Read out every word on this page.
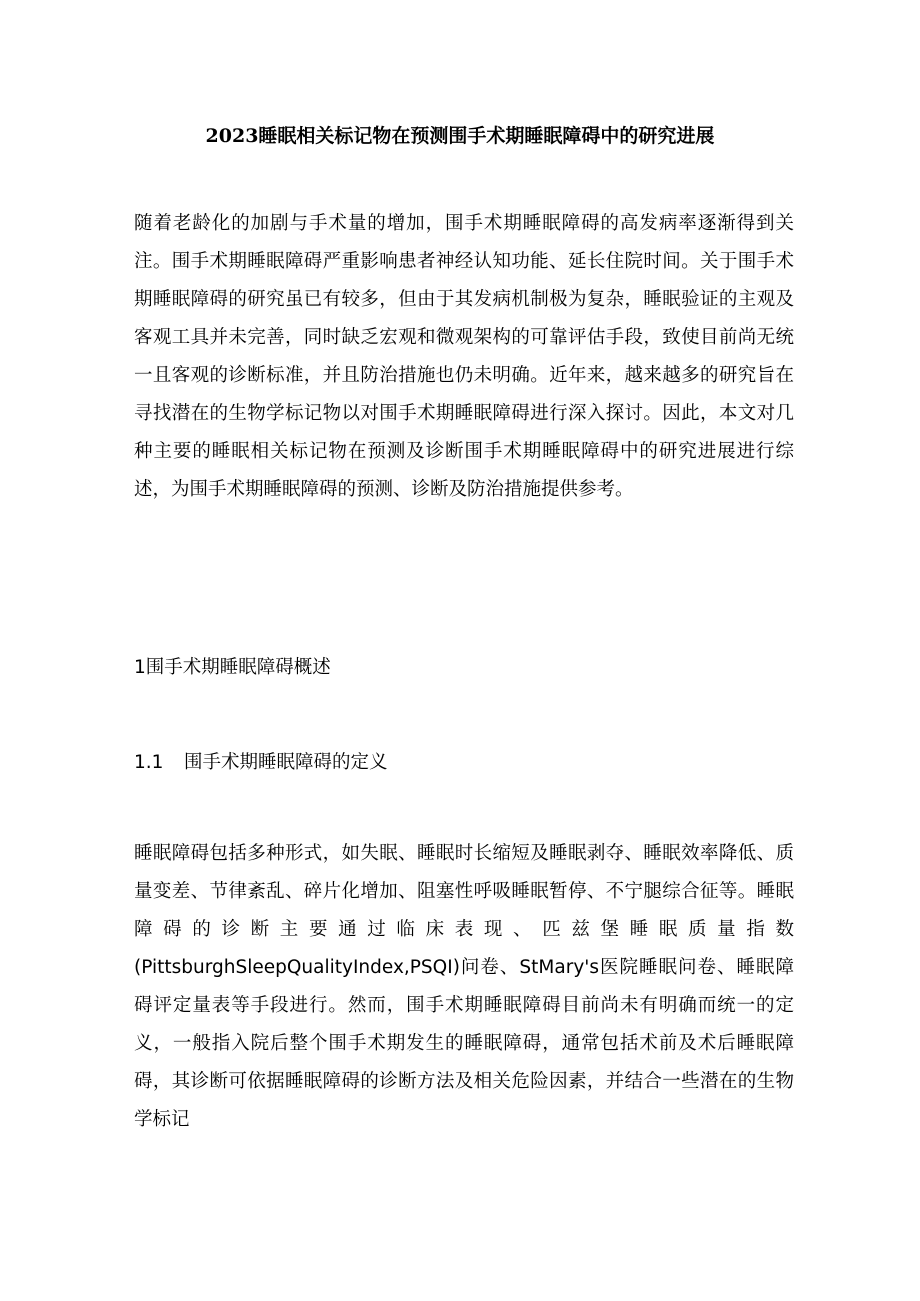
2023睡眠相关标记物在预测围手术期睡眠障碍中的研究进展

随着老龄化的加剧与手术量的增加，围手术期睡眠障碍的高发病率逐渐得到关注。围手术期睡眠障碍严重影响患者神经认知功能、延长住院时间。关于围手术期睡眠障碍的研究虽已有较多，但由于其发病机制极为复杂，睡眠验证的主观及客观工具并未完善，同时缺乏宏观和微观架构的可靠评估手段，致使目前尚无统一且客观的诊断标准，并且防治措施也仍未明确。近年来，越来越多的研究旨在寻找潜在的生物学标记物以对围手术期睡眠障碍进行深入探讨。因此，本文对几种主要的睡眠相关标记物在预测及诊断围手术期睡眠障碍中的研究进展进行综述，为围手术期睡眠障碍的预测、诊断及防治措施提供参考。

1围手术期睡眠障碍概述
1.1 围手术期睡眠障碍的定义

睡眠障碍包括多种形式，如失眠、睡眠时长缩短及睡眠剥夺、睡眠效率降低、质量变差、节律紊乱、碎片化增加、阻塞性呼吸睡眠暂停、不宁腿综合征等。睡眠障碍的诊断主要通过临床表现、匹兹堡睡眠质量指数(PittsburghSleepQualityIndex,PSQI)问卷、StMary's医院睡眠问卷、睡眠障碍评定量表等手段进行。然而，围手术期睡眠障碍目前尚未有明确而统一的定义，一般指入院后整个围手术期发生的睡眠障碍，通常包括术前及术后睡眠障碍，其诊断可依据睡眠障碍的诊断方法及相关危险因素，并结合一些潜在的生物学标记
